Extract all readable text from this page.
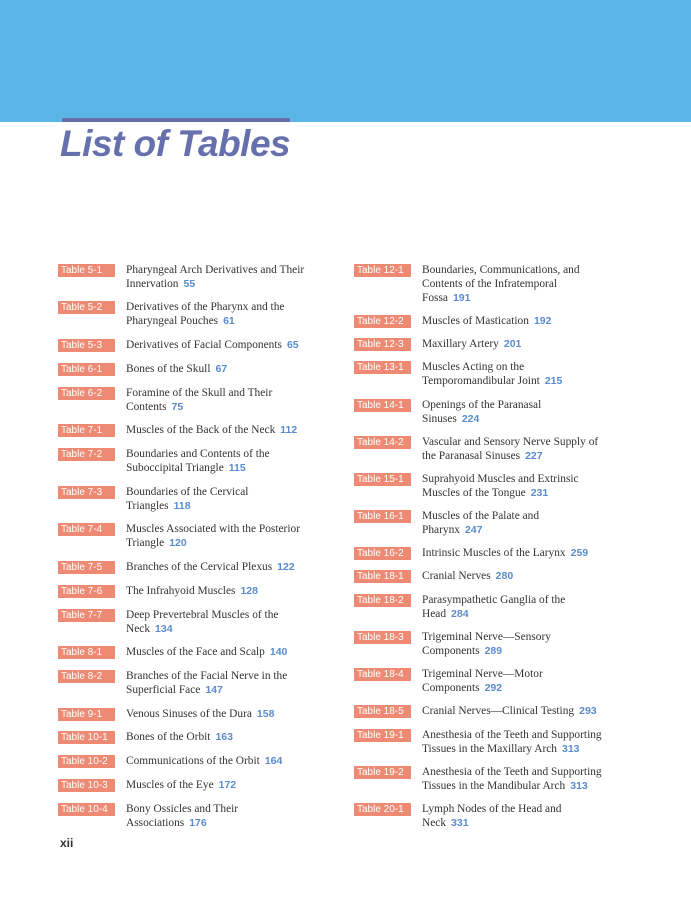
List of Tables
Table 5-1	Pharyngeal Arch Derivatives and Their
Innervation 55
Table 5-2	Derivatives of the Pharynx and the
Pharyngeal Pouches 61
Table 5-3	Derivatives of Facial Components 65
Table 6-1	Bones of the Skull 67
Table 6-2	Foramine of the Skull and Their
Contents 75
Table 7-1	Muscles of the Back of the Neck 112
Table 7-2	Boundaries and Contents of the
Suboccipital Triangle 115
Table 7-3	Boundaries of the Cervical
Triangles 118
Table 7-4	Muscles Associated with the Posterior
Triangle 120
Table 7-5	Branches of the Cervical Plexus 122
Table 7-6	The Infrahyoid Muscles 128
Table 7-7	Deep Prevertebral Muscles of the
Neck 134
Table 8-1	Muscles of the Face and Scalp 140
Table 8-2	Branches of the Facial Nerve in the
Superficial Face 147
Table 9-1	Venous Sinuses of the Dura 158
Table 10-1	Bones of the Orbit 163
Table 10-2	Communications of the Orbit 164
Table 10-3	Muscles of the Eye 172
Table 10-4	Bony Ossicles and Their
Associations 176
Table 12-1	Boundaries, Communications, and
Contents of the Infratemporal
Fossa 191
Table 12-2	Muscles of Mastication 192
Table 12-3	Maxillary Artery 201
Table 13-1	Muscles Acting on the
Temporomandibular Joint 215
Table 14-1	Openings of the Paranasal
Sinuses 224
Table 14-2	Vascular and Sensory Nerve Supply of
the Paranasal Sinuses 227
Table 15-1	Suprahyoid Muscles and Extrinsic
Muscles of the Tongue 231
Table 16-1	Muscles of the Palate and
Pharynx 247
Table 16-2	Intrinsic Muscles of the Larynx 259
Table 18-1	Cranial Nerves 280
Table 18-2	Parasympathetic Ganglia of the
Head 284
Table 18-3	Trigeminal Nerve—Sensory
Components 289
Table 18-4	Trigeminal Nerve—Motor
Components 292
Table 18-5	Cranial Nerves—Clinical Testing 293
Table 19-1	Anesthesia of the Teeth and Supporting
Tissues in the Maxillary Arch 313
Table 19-2	Anesthesia of the Teeth and Supporting
Tissues in the Mandibular Arch 313
Table 20-1	Lymph Nodes of the Head and
Neck 331
xii
